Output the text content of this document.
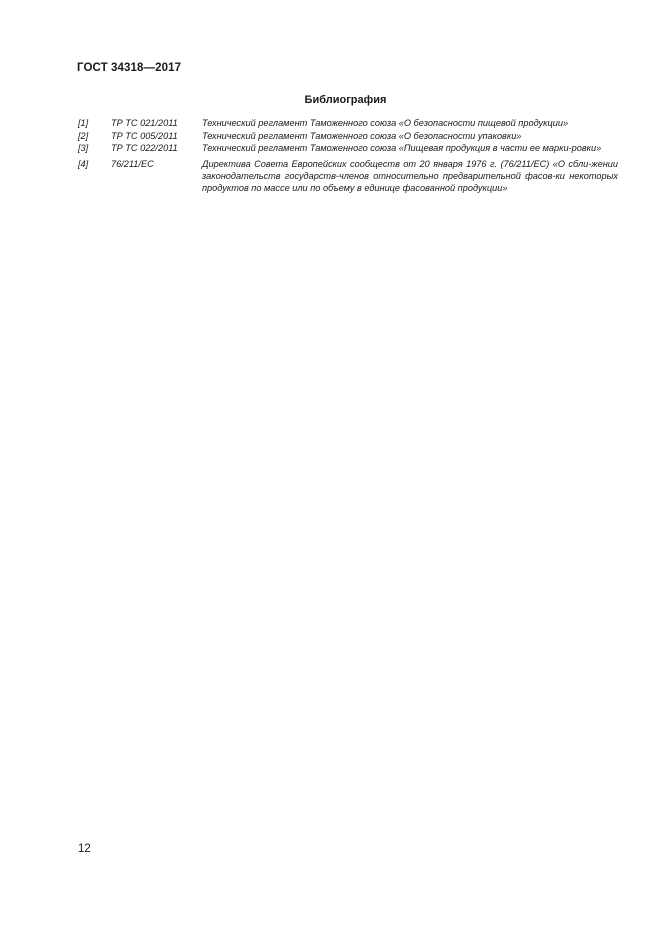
ГОСТ 34318—2017
Библиография
[1] ТР ТС 021/2011	Технический регламент Таможенного союза «О безопасности пищевой продукции»
[2] ТР ТС 005/2011	Технический регламент Таможенного союза «О безопасности упаковки»
[3] ТР ТС 022/2011	Технический регламент Таможенного союза «Пищевая продукция в части ее марки-ровки»
[4] 76/211/ЕС	Директива Совета Европейских сообществ от 20 января 1976 г. (76/211/ЕС) «О сбли-жении законодательств государств-членов относительно предварительной фасов-ки некоторых продуктов по массе или по объему в единице фасованной продукции»
12
